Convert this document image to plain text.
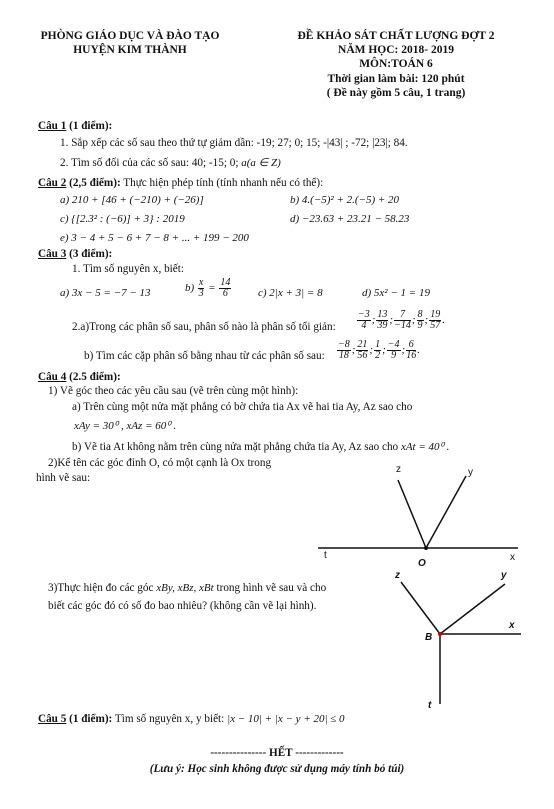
PHÒNG GIÁO DỤC VÀ ĐÀO TẠO
HUYỆN KIM THÀNH
ĐỀ KHẢO SÁT CHẤT LƯỢNG ĐỢT 2
NĂM HỌC: 2018- 2019
MÔN:TOÁN 6
Thời gian làm bài: 120 phút
( Đề này gồm 5 câu, 1 trang)
Câu 1 (1 điểm):
1. Sắp xếp các số sau theo thứ tự giảm dần: -19; 27; 0; 15; -|43| ; -72; |23|; 84.
2. Tìm số đối của các số sau: 40; -15; 0; a(a ∈ Z)
Câu 2 (2,5 điểm): Thực hiện phép tính (tính nhanh nếu có thể):
a) 210 + [46 + (−210) + (−26)]	b) 4.(−5)² + 2.(−5) + 20
c) {[2.3² : (−6)] + 3} : 2019	d) −23.63 + 23.21 − 58.23
e) 3 − 4 + 5 − 6 + 7 − 8 + ... + 199 − 200
Câu 3 (3 điểm):
1. Tìm số nguyên x, biết:
a) 3x − 5 = −7 − 13	$b) \frac{x}{3} = \frac{14}{6} c$) 2|x + 3| = 8	d) 5x² − 1 = 19
2.a)Trong các phân số sau, phân số nào là phân số tối giản: $\frac{-3}{4}$ ; $\frac{13}{39}$ ; $\frac{7}{-14}$ ; $\frac{8}{9}$ ; $\frac{19}{57}$ .
b) Tìm các cặp phân số bằng nhau từ các phân số sau: $\frac{-8}{18}$ ; $\frac{21}{56}$ ; $\frac{1}{2}$ ; $\frac{-4}{9}$ ; $\frac{6}{16}$ .
Câu 4 (2.5 điểm):
1) Vẽ góc theo các yêu cầu sau (vẽ trên cùng một hình):
a) Trên cùng một nửa mặt phẳng có bờ chứa tia Ax vẽ hai tia Ay, Az sao cho
xAy = 30⁰ , xAz = 60⁰ .
b) Vẽ tia At không nằm trên cùng nửa mặt phẳng chứa tia Ay, Az sao cho xAt = 40⁰ .
2)Kể tên các góc đỉnh O, có một cạnh là Ox trong
hình vẽ sau:
z	y
t	x
O
3)Thực hiện đo các góc xBy, xBz, xBt trong hình vẽ sau và cho
biết các góc đó có số đo bao nhiêu? (không cần vẽ lại hình).
z	y
x
B
t
Câu 5 (1 điểm): Tìm số nguyên x, y biết: |x − 10| + |x − y + 20| ≤ 0
--------------- HẾT -------------
(Lưu ý: Học sinh không được sử dụng máy tính bỏ túi)
